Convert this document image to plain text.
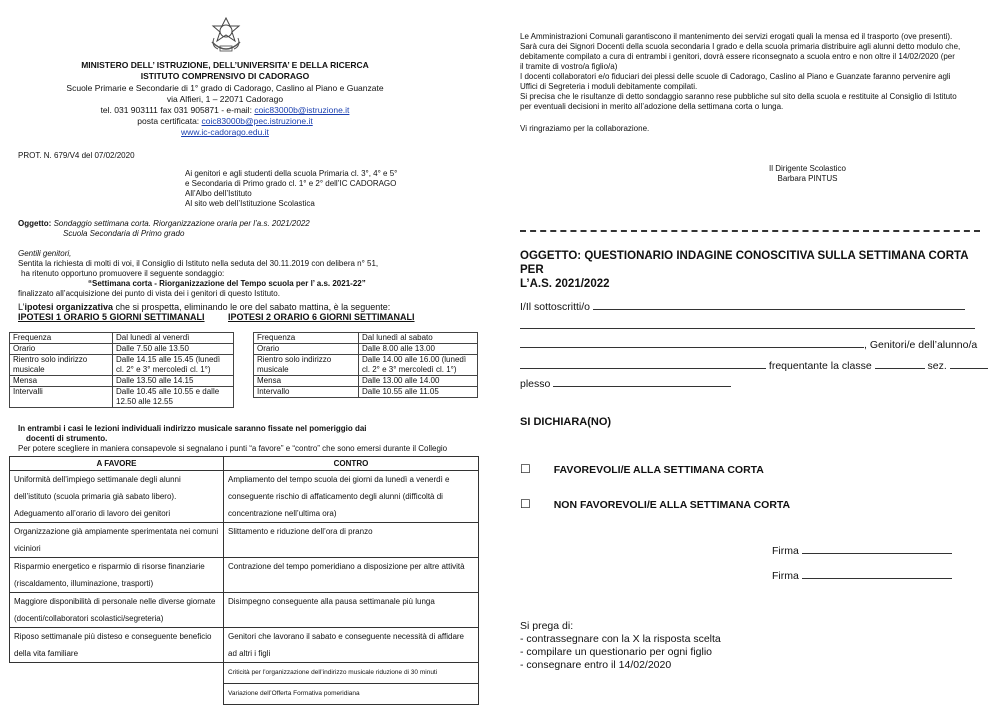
MINISTERO DELL’ ISTRUZIONE, DELL’UNIVERSITA’ E DELLA RICERCA
ISTITUTO COMPRENSIVO DI CADORAGO
Scuole Primarie e Secondarie di 1° grado di Cadorago, Caslino al Piano e Guanzate
via Alfieri, 1 – 22071 Cadorago
tel. 031 903111 fax 031 905871 - e-mail: coic83000b@istruzione.it
posta certificata: coic83000b@pec.istruzione.it
www.ic-cadorago.edu.it
PROT. N. 679/V4 del 07/02/2020
Ai genitori e agli studenti della scuola Primaria cl. 3°, 4° e 5°
e Secondaria di Primo grado cl. 1° e 2° dell’IC CADORAGO
All’Albo dell’Istituto
Al sito web dell’Istituzione Scolastica
Oggetto: Sondaggio settimana corta. Riorganizzazione oraria per l’a.s. 2021/2022
Scuola Secondaria di Primo grado
Gentili genitori,
Sentita la richiesta di molti di voi, il Consiglio di Istituto nella seduta del 30.11.2019 con delibera n° 51,
ha ritenuto opportuno promuovere il seguente sondaggio:
“Settimana corta - Riorganizzazione del Tempo scuola per l’ a.s. 2021-22”
finalizzato all’acquisizione dei punto di vista dei i genitori di questo Istituto.
L’ipotesi organizzativa che si prospetta, eliminando le ore del sabato mattina, è la seguente:
IPOTESI 1 ORARIO 5 GIORNI SETTIMANALI	IPOTESI 2 ORARIO 6 GIORNI SETTIMANALI
Frequenza	Dal lunedì al venerdì
Orario	Dalle 7.50 alle 13.50
Rientro solo indirizzo musicale	Dalle 14.15 alle 15.45 (lunedì cl. 2° e 3° mercoledì cl. 1°)
Mensa	Dalle 13.50 alle 14.15
Intervalli	Dalle 10.45 alle 10.55 e dalle 12.50 alle 12.55
Frequenza	Dal lunedì al sabato
Orario	Dalle 8.00 alle 13.00
Rientro solo indirizzo musicale	Dalle 14.00 alle 16.00 (lunedì cl. 2° e 3° mercoledì cl. 1°)
Mensa	Dalle 13.00 alle 14.00
Intervallo	Dalle 10.55 alle 11.05
In entrambi i casi le lezioni individuali indirizzo musicale saranno fissate nel pomeriggio dai
docenti di strumento.
Per potere scegliere in maniera consapevole si segnalano i punti “a favore” e “contro” che sono emersi durante il Collegio
A FAVORE	CONTRO
Uniformità dell’impiego settimanale degli alunni dell’istituto (scuola primaria già sabato libero). Adeguamento all’orario di lavoro dei genitori	Ampliamento del tempo scuola dei giorni da lunedì a venerdì e conseguente rischio di affaticamento degli alunni (difficoltà di concentrazione nell’ultima ora)
Organizzazione già ampiamente sperimentata nei comuni viciniori	Slittamento e riduzione dell’ora di pranzo
Risparmio energetico e risparmio di risorse finanziarie (riscaldamento, illuminazione, trasporti)	Contrazione del tempo pomeridiano a disposizione per altre attività
Maggiore disponibilità di personale nelle diverse giornate (docenti/collaboratori scolastici/segreteria)	Disimpegno conseguente alla pausa settimanale più lunga
Riposo settimanale più disteso e conseguente beneficio della vita familiare	Genitori che lavorano il sabato e conseguente necessità di affidare ad altri i figli
	Criticità per l’organizzazione dell’indirizzo musicale riduzione di 30 minuti
	Variazione dell’Offerta Formativa pomeridiana
Le Amministrazioni Comunali garantiscono il mantenimento dei servizi erogati quali la mensa ed il trasporto (ove presenti).
Sarà cura dei Signori Docenti della scuola secondaria I grado e della scuola primaria distribuire agli alunni detto modulo che,
debitamente compilato a cura di entrambi i genitori, dovrà essere riconsegnato a scuola entro e non oltre il 14/02/2020 (per
il tramite di vostro/a figlio/a)
I docenti collaboratori e/o fiduciari dei plessi delle scuole di Cadorago, Caslino al Piano e Guanzate faranno pervenire agli
Uffici di Segreteria i moduli debitamente compilati.
Si precisa che le risultanze di detto sondaggio saranno rese pubbliche sul sito della scuola e restituite al Consiglio di Istituto
per eventuali decisioni in merito all’adozione della settimana corta o lunga.
Vi ringraziamo per la collaborazione.
Il Dirigente Scolastico
Barbara PINTUS
OGGETTO: QUESTIONARIO INDAGINE CONOSCITIVA SULLA SETTIMANA CORTA PER
L’A.S. 2021/2022
I/Il sottoscritti/o
, Genitori/e dell’alunno/a
frequentante la classe	sez.
plesso
SI DICHIARA(NO)
☐ FAVOREVOLI/E ALLA SETTIMANA CORTA
☐ NON FAVOREVOLI/E ALLA SETTIMANA CORTA
Firma
Firma
Si prega di:
- contrassegnare con la X la risposta scelta
- compilare un questionario per ogni figlio
- consegnare entro il 14/02/2020
